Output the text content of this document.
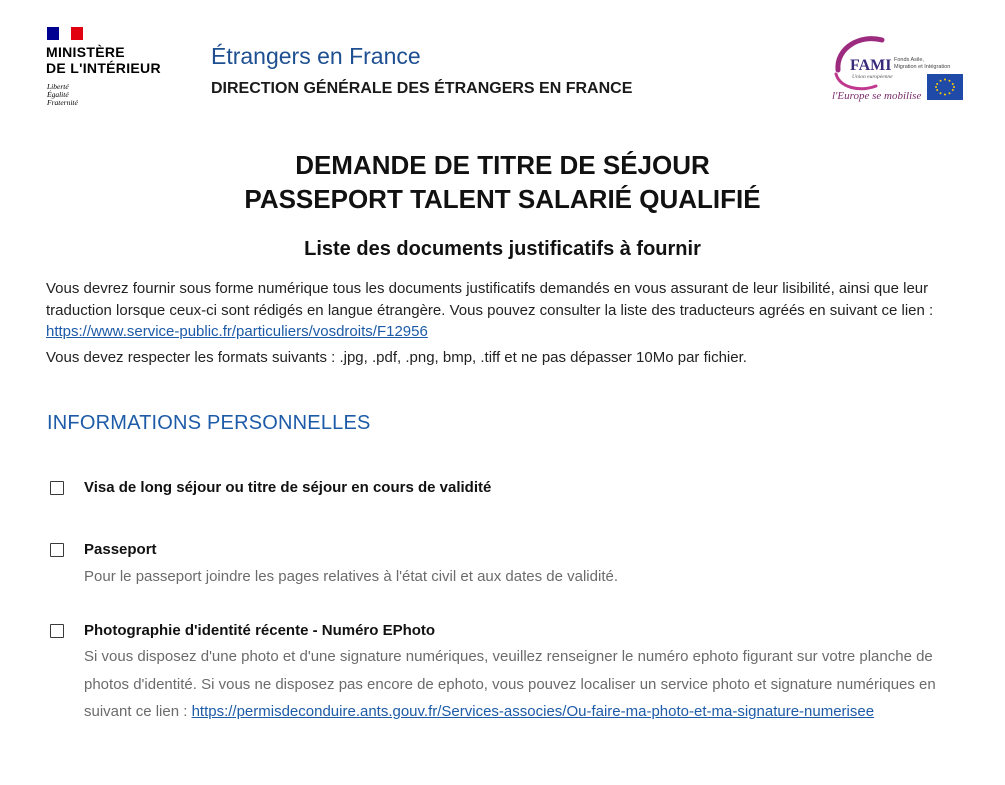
MINISTÈRE
DE L'INTÉRIEUR
Liberté
Égalité
Fraternité
Étrangers en France
DIRECTION GÉNÉRALE DES ÉTRANGERS EN FRANCE
FAMI Fonds Asile,
Migration et Intégration
Union européenne
l'Europe se mobilise
DEMANDE DE TITRE DE SÉJOUR
PASSEPORT TALENT SALARIÉ QUALIFIÉ
Liste des documents justificatifs à fournir
Vous devrez fournir sous forme numérique tous les documents justificatifs demandés en vous assurant de leur lisibilité, ainsi que leur traduction lorsque ceux-ci sont rédigés en langue étrangère. Vous pouvez consulter la liste des traducteurs agréés en suivant ce lien : https://www.service-public.fr/particuliers/vosdroits/F12956
Vous devez respecter les formats suivants : .jpg, .pdf, .png, bmp, .tiff et ne pas dépasser 10Mo par fichier.
INFORMATIONS PERSONNELLES
Visa de long séjour ou titre de séjour en cours de validité
Passeport
Pour le passeport joindre les pages relatives à l'état civil et aux dates de validité.
Photographie d'identité récente - Numéro EPhoto
Si vous disposez d'une photo et d'une signature numériques, veuillez renseigner le numéro ephoto figurant sur votre planche de photos d'identité. Si vous ne disposez pas encore de ephoto, vous pouvez localiser un service photo et signature numériques en suivant ce lien : https://permisdeconduire.ants.gouv.fr/Services-associes/Ou-faire-ma-photo-et-ma-signature-numerisee
